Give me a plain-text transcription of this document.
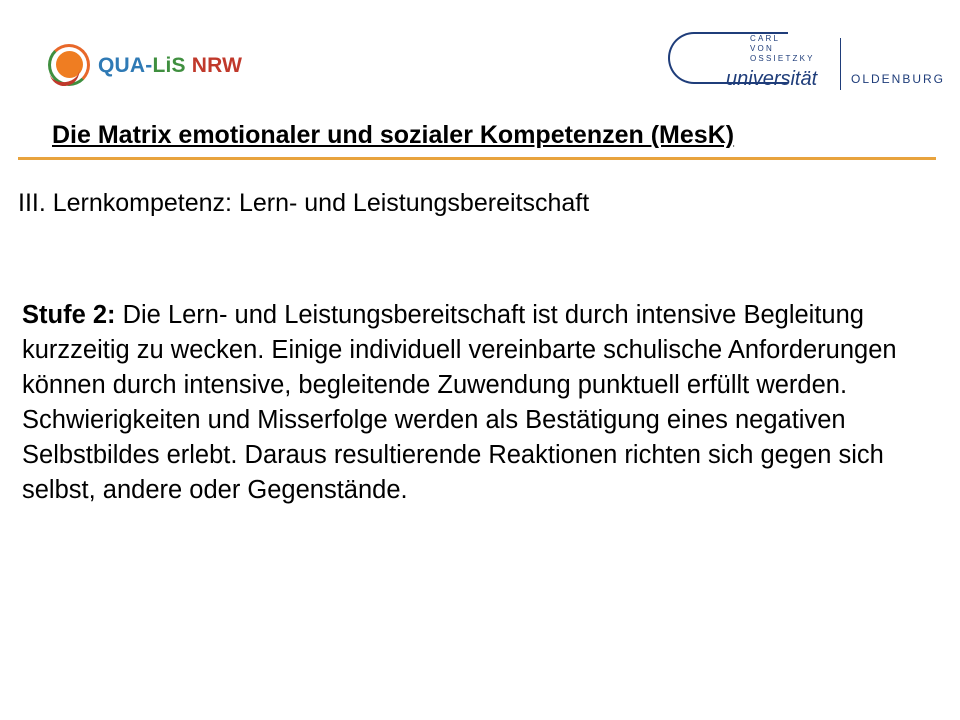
QUA-LiS NRW
CARL
VON
OSSIETZKY
universität	OLDENBURG
Die Matrix emotionaler und sozialer Kompetenzen (MesK)
III. Lernkompetenz: Lern- und Leistungsbereitschaft
Stufe 2: Die Lern- und Leistungsbereitschaft ist durch intensive Begleitung kurzzeitig zu wecken. Einige individuell vereinbarte schulische Anforderungen können durch intensive, begleitende Zuwendung punktuell erfüllt werden. Schwierigkeiten und Misserfolge werden als Bestätigung eines negativen Selbstbildes erlebt. Daraus resultierende Reaktionen richten sich gegen sich selbst, andere oder Gegenstände.
